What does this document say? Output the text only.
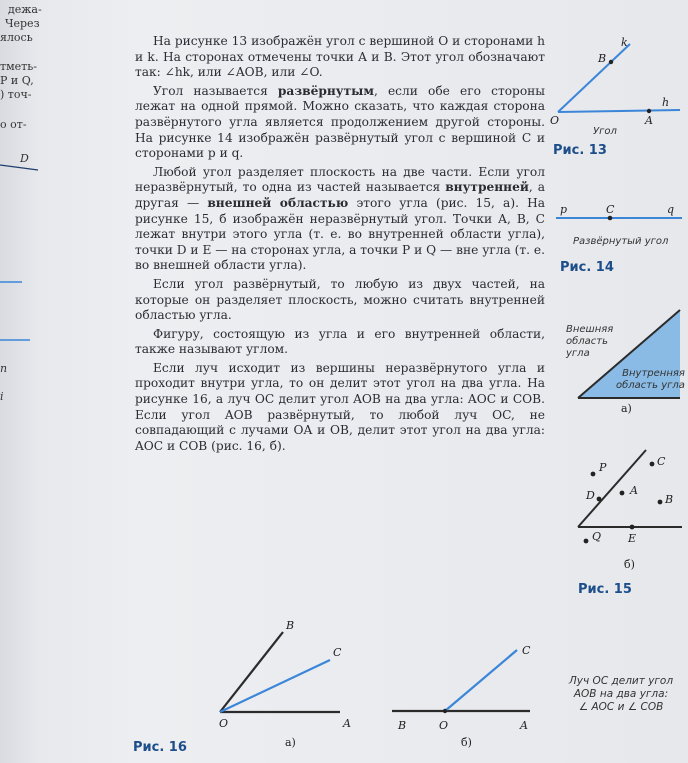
дежа-
Через
ялось
тметь-
P и Q,
) точ-
о от-
D
n
i

На рисунке 13 изображён угол с вершиной O и сторонами h и k. На сторонах отмечены точки A и B. Этот угол обозначают так: ∠hk, или ∠AOB, или ∠O.

Угол называется развёрнутым, если обе его стороны лежат на одной прямой. Можно сказать, что каждая сторона развёрнутого угла является продолжением другой стороны. На рисунке 14 изображён развёрнутый угол с вершиной C и сторонами p и q.

Любой угол разделяет плоскость на две части. Если угол неразвёрнутый, то одна из частей называется внутренней, а другая — внешней областью этого угла (рис. 15, а). На рисунке 15, б изображён неразвёрнутый угол. Точки A, B, C лежат внутри этого угла (т. е. во внутренней области угла), точки D и E — на сторонах угла, а точки P и Q — вне угла (т. е. во внешней области угла).

Если угол развёрнутый, то любую из двух частей, на которые он разделяет плоскость, можно считать внутренней областью угла.

Фигуру, состоящую из угла и его внутренней области, также называют углом.

Если луч исходит из вершины неразвёрнутого угла и проходит внутри угла, то он делит этот угол на два угла. На рисунке 16, а луч OC делит угол AOB на два угла: AOC и COB. Если угол AOB развёрнутый, то любой луч OC, не совпадающий с лучами OA и OB, делит этот угол на два угла: AOC и COB (рис. 16, б).

k
B
O	A
h
Угол
Рис. 13
p	C	q
Развёрнутый угол
Рис. 14
Внешняя
область
угла
Внутренняя
область угла
а)
P	C
D	A
B
Q E
б)
Рис. 15
B
C
O	A
а)
C
B	O	A
б)
Рис. 16
Луч OC делит угол
AOB на два угла:
∠ AOC и ∠ COB
